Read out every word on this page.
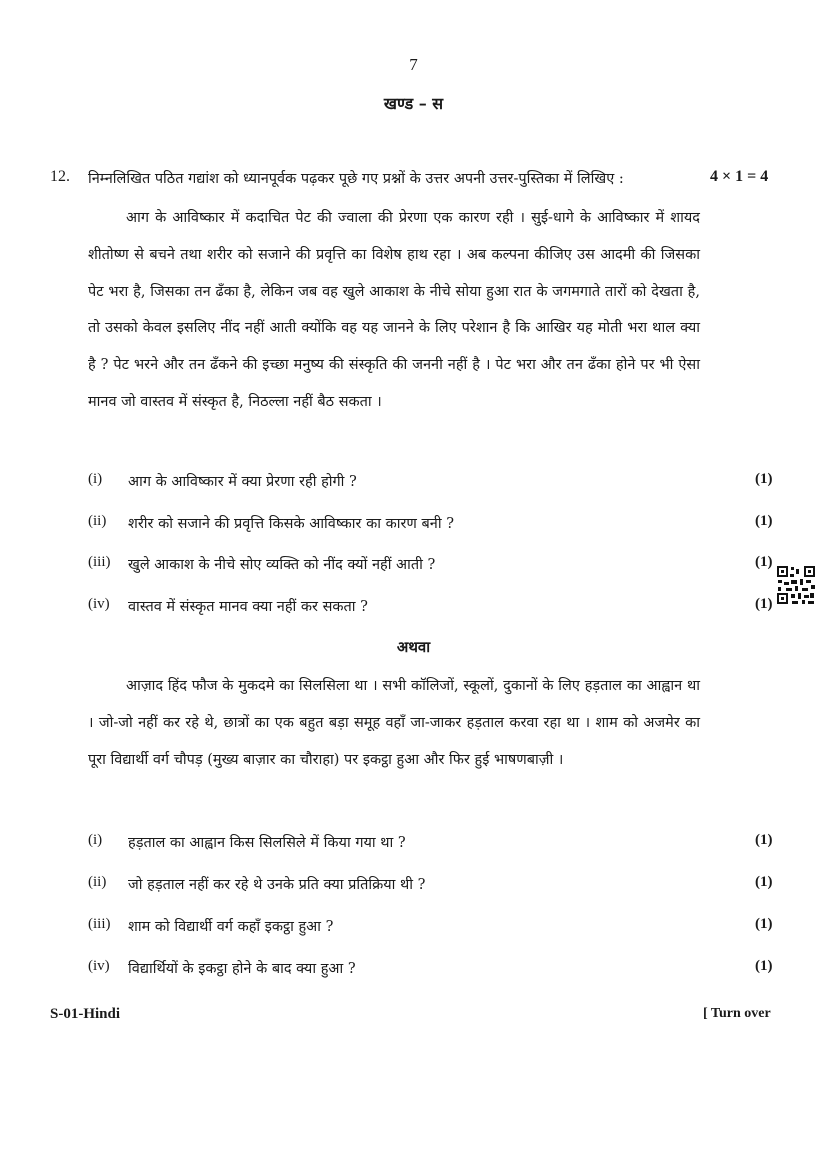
7
खण्ड – स
12. निम्नलिखित पठित गद्यांश को ध्यानपूर्वक पढ़कर पूछे गए प्रश्नों के उत्तर अपनी उत्तर-पुस्तिका में लिखिए :	4 × 1 = 4
आग के आविष्कार में कदाचित पेट की ज्वाला की प्रेरणा एक कारण रही । सुई-धागे के आविष्कार में शायद शीतोष्ण से बचने तथा शरीर को सजाने की प्रवृत्ति का विशेष हाथ रहा । अब कल्पना कीजिए उस आदमी की जिसका पेट भरा है, जिसका तन ढँका है, लेकिन जब वह खुले आकाश के नीचे सोया हुआ रात के जगमगाते तारों को देखता है, तो उसको केवल इसलिए नींद नहीं आती क्योंकि वह यह जानने के लिए परेशान है कि आखिर यह मोती भरा थाल क्या है ? पेट भरने और तन ढँकने की इच्छा मनुष्य की संस्कृति की जननी नहीं है । पेट भरा और तन ढँका होने पर भी ऐसा मानव जो वास्तव में संस्कृत है, निठल्ला नहीं बैठ सकता ।
(i) आग के आविष्कार में क्या प्रेरणा रही होगी ?	(1)
(ii) शरीर को सजाने की प्रवृत्ति किसके आविष्कार का कारण बनी ?	(1)
(iii) खुले आकाश के नीचे सोए व्यक्ति को नींद क्यों नहीं आती ?	(1)
(iv) वास्तव में संस्कृत मानव क्या नहीं कर सकता ?	(1)
अथवा
आज़ाद हिंद फौज के मुकदमे का सिलसिला था । सभी कॉलिजों, स्कूलों, दुकानों के लिए हड़ताल का आह्वान था । जो-जो नहीं कर रहे थे, छात्रों का एक बहुत बड़ा समूह वहाँ जा-जाकर हड़ताल करवा रहा था । शाम को अजमेर का पूरा विद्यार्थी वर्ग चौपड़ (मुख्य बाज़ार का चौराहा) पर इकट्ठा हुआ और फिर हुई भाषणबाज़ी ।
(i) हड़ताल का आह्वान किस सिलसिले में किया गया था ?	(1)
(ii) जो हड़ताल नहीं कर रहे थे उनके प्रति क्या प्रतिक्रिया थी ?	(1)
(iii) शाम को विद्यार्थी वर्ग कहाँ इकट्ठा हुआ ?	(1)
(iv) विद्यार्थियों के इकट्ठा होने के बाद क्या हुआ ?	(1)
S-01-Hindi	[ Turn over
